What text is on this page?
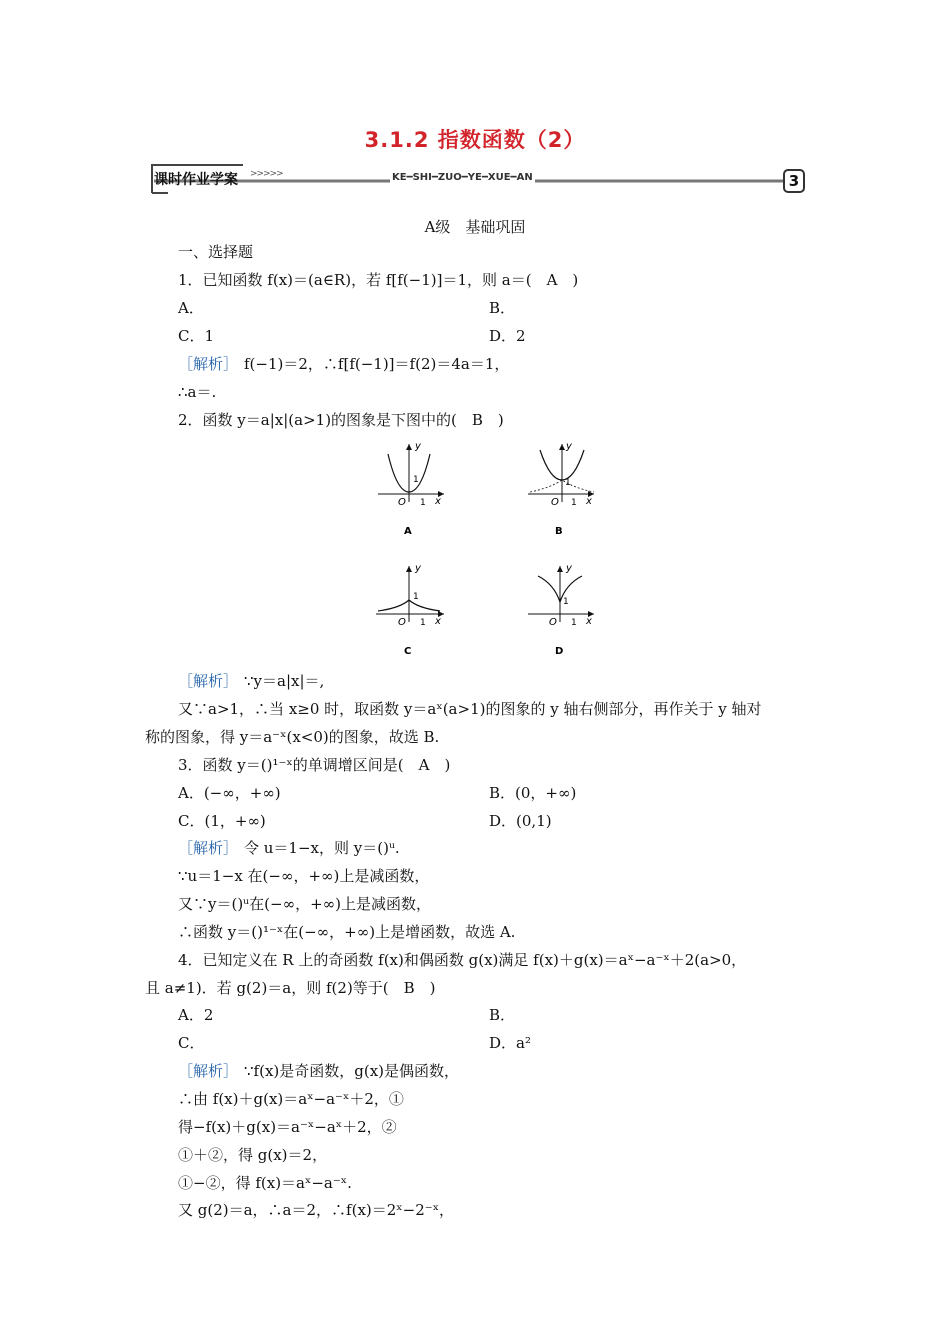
3.1.2 指数函数（2）
课时作业学案 >>>>>	KE━SHI━ZUO━YE━XUE━AN	3
A级　基础巩固
一、选择题
1．已知函数 f(x)＝(a∈R)，若 f[f(−1)]＝1，则 a＝(　A　)
A．	B．
C．1	D．2
［解析］ f(−1)＝2，∴f[f(−1)]＝f(2)＝4a＝1，
∴a＝.
2．函数 y＝a|x|(a>1)的图象是下图中的(　B　)
y
1
O 1 x
A
y
1
O 1 x
B
y
1
O 1 x
C
y
1
O 1 x
D
［解析］ ∵y＝a|x|＝,
又∵a>1，∴当 x≥0 时，取函数 y＝aˣ(a>1)的图象的 y 轴右侧部分，再作关于 y 轴对
称的图象，得 y＝a⁻ˣ(x<0)的图象，故选 B.
3．函数 y＝()¹⁻ˣ的单调增区间是(　A　)
A．(−∞，+∞)	B．(0，+∞)
C．(1，+∞)	D．(0,1)
［解析］ 令 u＝1−x，则 y＝()ᵘ.
∵u＝1−x 在(−∞，+∞)上是减函数，
又∵y＝()ᵘ在(−∞，+∞)上是减函数，
∴函数 y＝()¹⁻ˣ在(−∞，+∞)上是增函数，故选 A.
4．已知定义在 R 上的奇函数 f(x)和偶函数 g(x)满足 f(x)＋g(x)＝aˣ−a⁻ˣ＋2(a>0，
且 a≠1)．若 g(2)＝a，则 f(2)等于(　B　)
A．2	B．
C．	D．a²
［解析］ ∵f(x)是奇函数，g(x)是偶函数，
∴由 f(x)＋g(x)＝aˣ−a⁻ˣ＋2，①
得−f(x)＋g(x)＝a⁻ˣ−aˣ＋2，②
①＋②，得 g(x)＝2，
①−②，得 f(x)＝aˣ−a⁻ˣ.
又 g(2)＝a，∴a＝2，∴f(x)＝2ˣ−2⁻ˣ，
